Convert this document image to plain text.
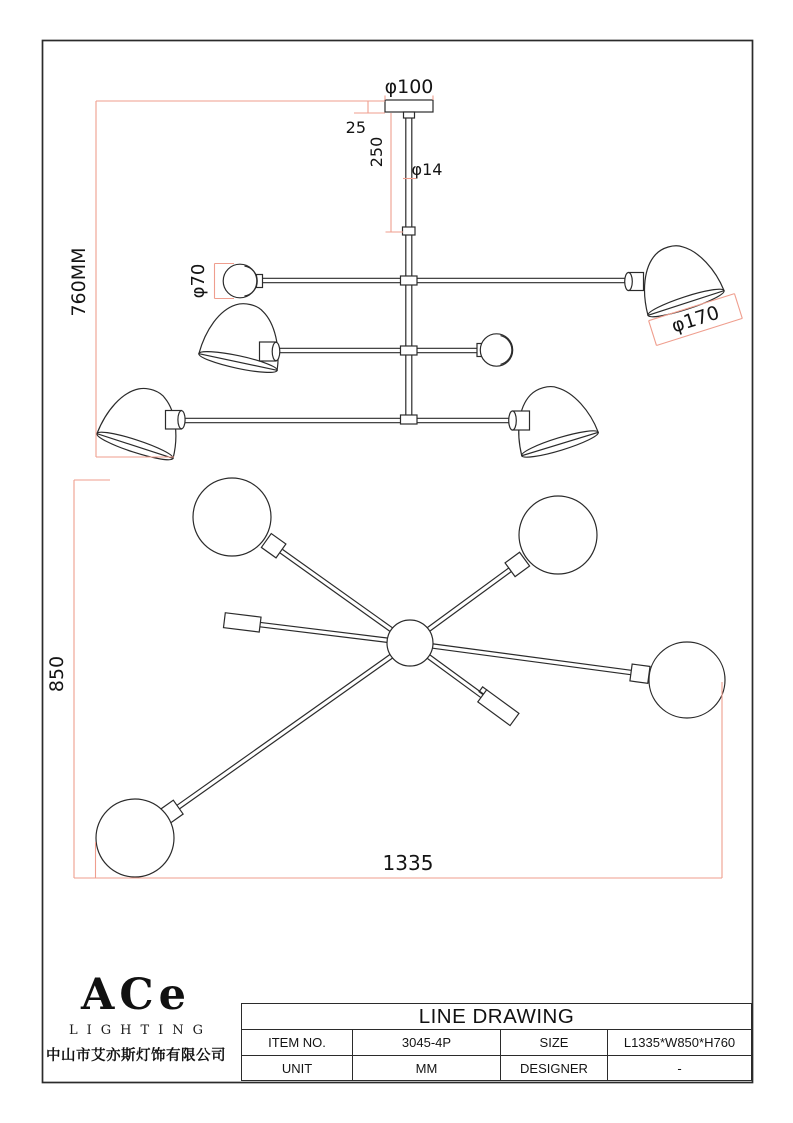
φ100
25
250
φ14
φ70
760MM
φ170
850
1335
ACe
LIGHTING
中山市艾亦斯灯饰有限公司
LINE DRAWING
ITEM NO.	3045-4P	SIZE	L1335*W850*H760
UNIT	MM	DESIGNER	-
